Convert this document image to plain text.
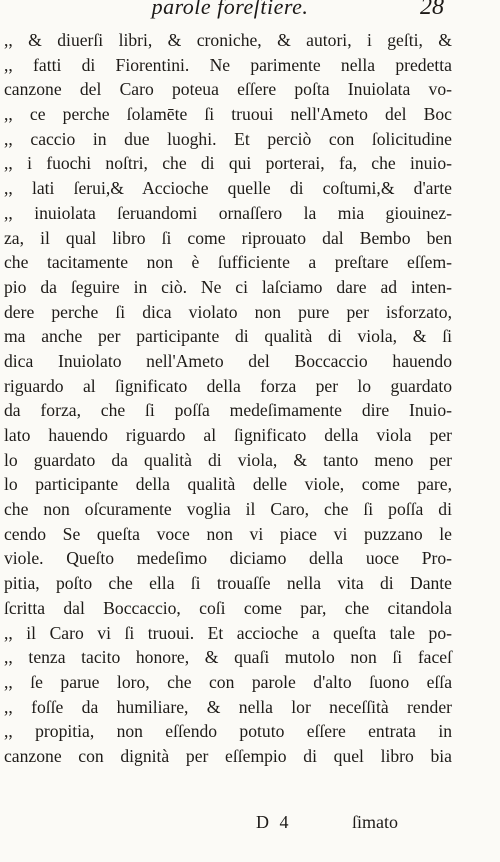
parole foreſtiere.	28
,, & diuerſi libri, & croniche, & autori, i geſti, &
,, fatti di Fiorentini. Ne parimente nella predetta
canzone del Caro poteua eſſere poſta Inuiolata vo-
,, ce perche ſolamēte ſi truoui nell'Ameto del Boc
,, caccio in due luoghi. Et perciò con ſolicitudine
,, i fuochi noſtri, che di qui porterai, fa, che inuio-
,, lati ſerui,& Accioche quelle di coſtumi,& d'arte
,, inuiolata ſeruandomi ornaſſero la mia giouinez-
za, il qual libro ſi come riprouato dal Bembo ben
che tacitamente non è ſufficiente a preſtare eſſem-
pio da ſeguire in ciò. Ne ci laſciamo dare ad inten-
dere perche ſi dica violato non pure per isforzato,
ma anche per participante di qualità di viola, & ſi
dica Inuiolato nell'Ameto del Boccaccio hauendo
riguardo al ſignificato della forza per lo guardato
da forza, che ſi poſſa medeſimamente dire Inuio-
lato hauendo riguardo al ſignificato della viola per
lo guardato da qualità di viola, & tanto meno per
lo participante della qualità delle viole, come pare,
che non oſcuramente voglia il Caro, che ſi poſſa di
cendo Se queſta voce non vi piace vi puzzano le
viole. Queſto medeſimo diciamo della uoce Pro-
pitia, poſto che ella ſi trouaſſe nella vita di Dante
ſcritta dal Boccaccio, coſi come par, che citandola
,, il Caro vi ſi truoui. Et accioche a queſta tale po-
,, tenza tacito honore, & quaſi mutolo non ſi faceſ
,, ſe parue loro, che con parole d'alto ſuono eſſa
,, foſſe da humiliare, & nella lor neceſſità render
,, propitia, non eſſendo potuto eſſere entrata in
canzone con dignità per eſſempio di quel libro bia
D 4	ſimato
